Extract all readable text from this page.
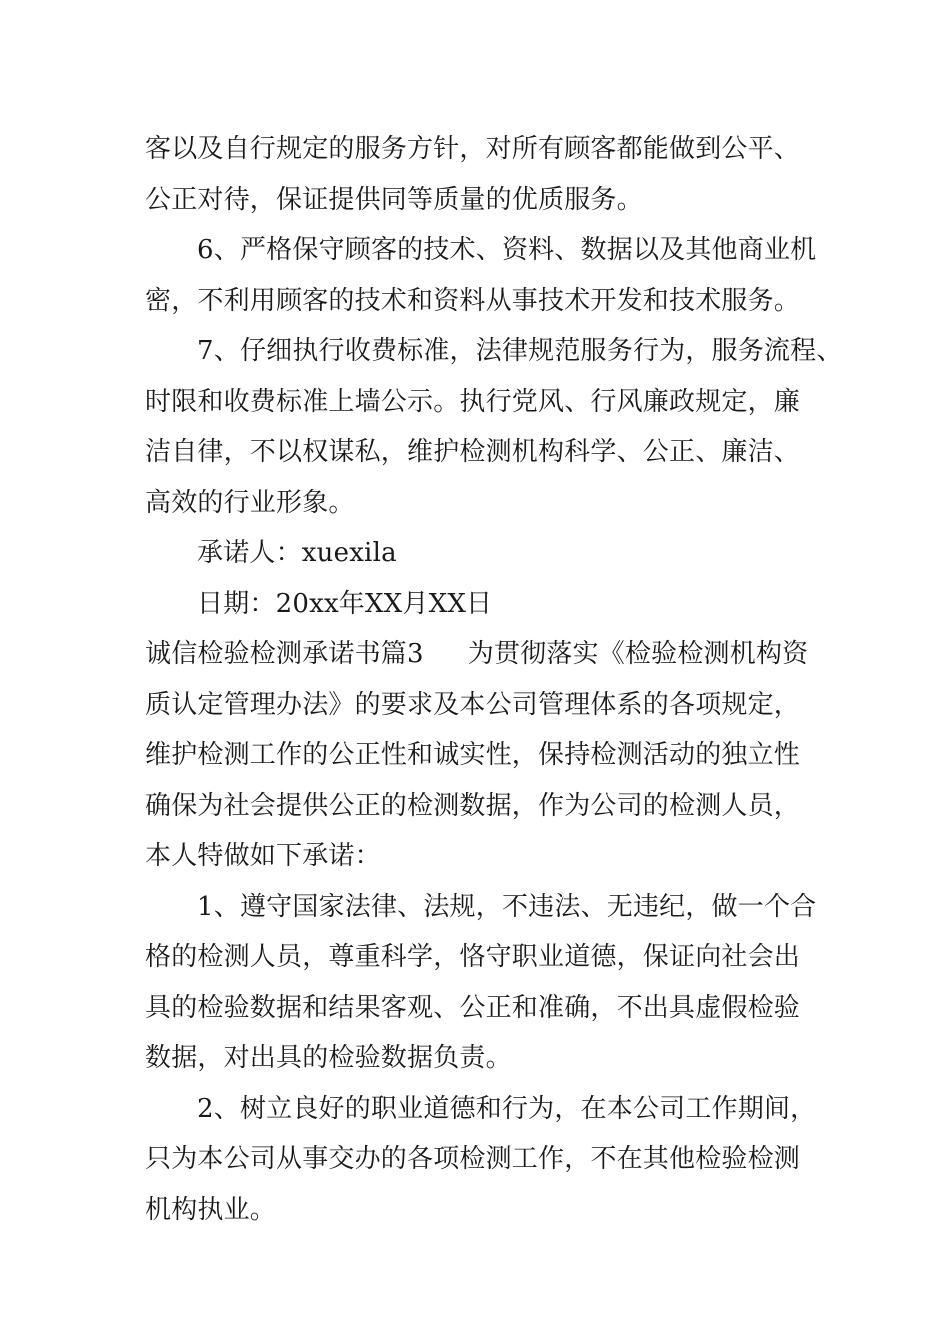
客以及自行规定的服务方针，对所有顾客都能做到公平、
公正对待，保证提供同等质量的优质服务。
6、严格保守顾客的技术、资料、数据以及其他商业机
密，不利用顾客的技术和资料从事技术开发和技术服务。
7、仔细执行收费标准，法律规范服务行为，服务流程、
时限和收费标准上墙公示。执行党风、行风廉政规定，廉
洁自律，不以权谋私，维护检测机构科学、公正、廉洁、
高效的行业形象。
承诺人：xuexila
日期：20xx年XX月XX日
诚信检验检测承诺书篇3 为贯彻落实《检验检测机构资
质认定管理办法》的要求及本公司管理体系的各项规定，
维护检测工作的公正性和诚实性，保持检测活动的独立性
确保为社会提供公正的检测数据，作为公司的检测人员，
本人特做如下承诺：
1、遵守国家法律、法规，不违法、无违纪，做一个合
格的检测人员，尊重科学，恪守职业道德，保证向社会出
具的检验数据和结果客观、公正和准确，不出具虚假检验
数据，对出具的检验数据负责。
2、树立良好的职业道德和行为，在本公司工作期间，
只为本公司从事交办的各项检测工作，不在其他检验检测
机构执业。
